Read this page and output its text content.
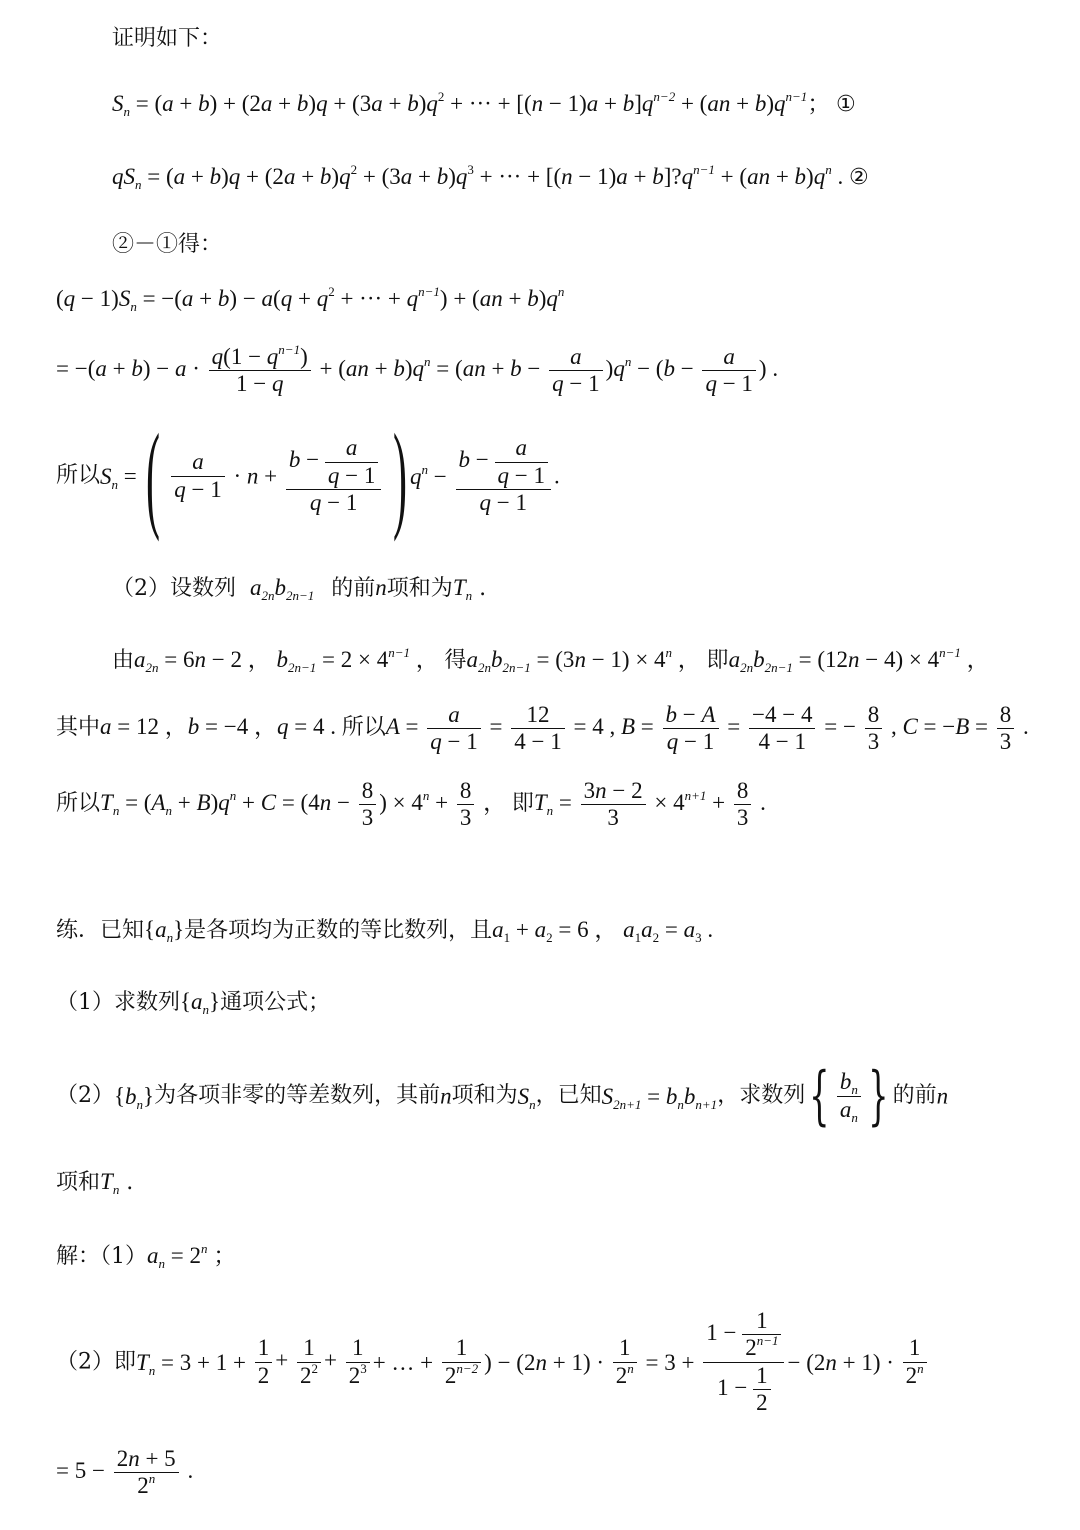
证明如下：
$S_n = (a + b) + (2a + b)q + (3a + b)q^2$ + ··· + $[(n - 1)a + b]q^{n-2} + (an + b)q^{n-1}$； ①
$qS_n = (a + b)q + (2a + b)q^2 + (3a + b)q^3$ + ··· + $[(n - 1)a + b]?q^{n-1} + (an + b)q^n$ . ②
②－①得：
$(q - 1)S_n = -(a + b) - a(q + q^2$ + ··· + $q^{n-1}) + (an + b)q^n$
= $-(a + b) - a \cdot \frac{q(1 - q^{n-1})}{1 - q} + (an + b)q^n = (an + b - \frac{a}{q - 1} )q^n - (b - \frac{a}{q - 1}$ ) .
所以$S_n$ = ( $\frac{a}{q - 1} \cdot n + \frac{b - \frac{a}{q - 1}}{q - 1}$ ) $q^n - \frac{b - \frac{a}{q - 1}}{q - 1}$ .
（2）设数列 $a_{2n}b_{2n-1}$ 的前n项和为$T_n$ .
由$a_{2n} = 6n - 2$ ， $b_{2n-1} = 2 \times 4^{n-1}$ ， 得$a_{2n}b_{2n-1} = (3n - 1) \times 4^n$ ， 即$a_{2n}b_{2n-1} = (12n - 4) \times 4^{n-1}$ ，
其中a = 12 ，b = −4 ，q = 4 . 所以$A = \frac{a}{q - 1} = \frac{12}{4 - 1} = 4$ , $B = \frac{b - A}{q - 1} = \frac{-4 - 4}{4 - 1}$ = − $\frac{8}{3}$ , $C = -B = \frac{8}{3}$ .
所以$T_n = (A_n + B)q^n + C = (4n - \frac{8}{3}$ ) × $4^n + \frac{8}{3}$ ， 即$T_n = \frac{3n - 2}{3} \times 4^{n+1} + \frac{8}{3}$ .
练．已知$\{a_n\}$是各项均为正数的等比数列，且$a_1 + a_2 = 6$ ， $a_1a_2 = a_3$ .
（1）求数列$\{a_n\}$通项公式；
$(2)\{b_n\}$为各项非零的等差数列，其前n项和为$S_n$，已知$S_{2n+1} = b_nb_{n+1}$，求数列{ $\frac{b_n}{a_n}$ } 的前n
项和$T_n$ .
解：$(1)a_n = 2^n$ ；
（2）即$T_n = 3 + 1 + \frac{1}{2} + \frac{1}{2^2} + \frac{1}{2^3}$ + … + $\frac{1}{2^{n-2}}$ ) − $(2n + 1) \cdot \frac{1}{2^n} = 3 + \frac{1 - \frac{1}{2^{n-1}}}{1 - \frac{1}{2}} - (2n + 1) \cdot \frac{1}{2^n}$
= $5 - \frac{2n + 5}{2^n}$ .
